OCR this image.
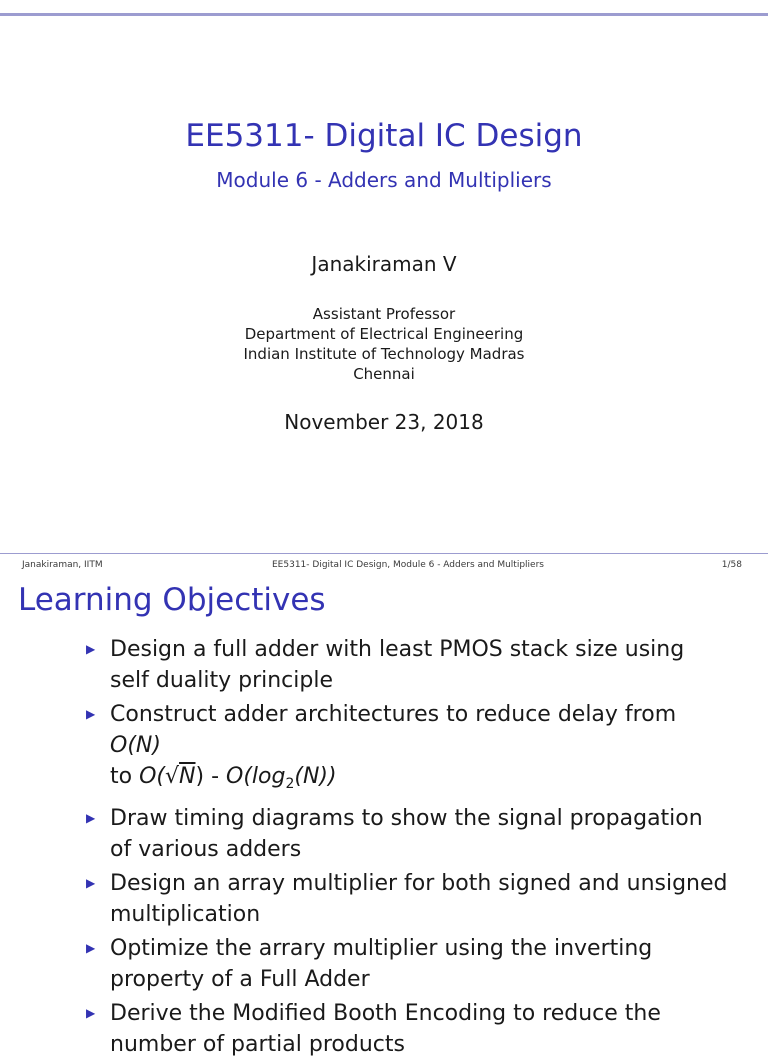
EE5311- Digital IC Design
Module 6 - Adders and Multipliers
Janakiraman V
Assistant Professor
Department of Electrical Engineering
Indian Institute of Technology Madras
Chennai
November 23, 2018
Janakiraman, IITM	EE5311- Digital IC Design, Module 6 - Adders and Multipliers	1/58
Learning Objectives
▶ Design a full adder with least PMOS stack size using self duality principle
▶ Construct adder architectures to reduce delay from O(N)
to $O(√N) - O(\log_2(N))$
▶ Draw timing diagrams to show the signal propagation of various adders
▶ Design an array multiplier for both signed and unsigned multiplication
▶ Optimize the arrary multiplier using the inverting property of a Full Adder
▶ Derive the Modified Booth Encoding to reduce the number of partial products
